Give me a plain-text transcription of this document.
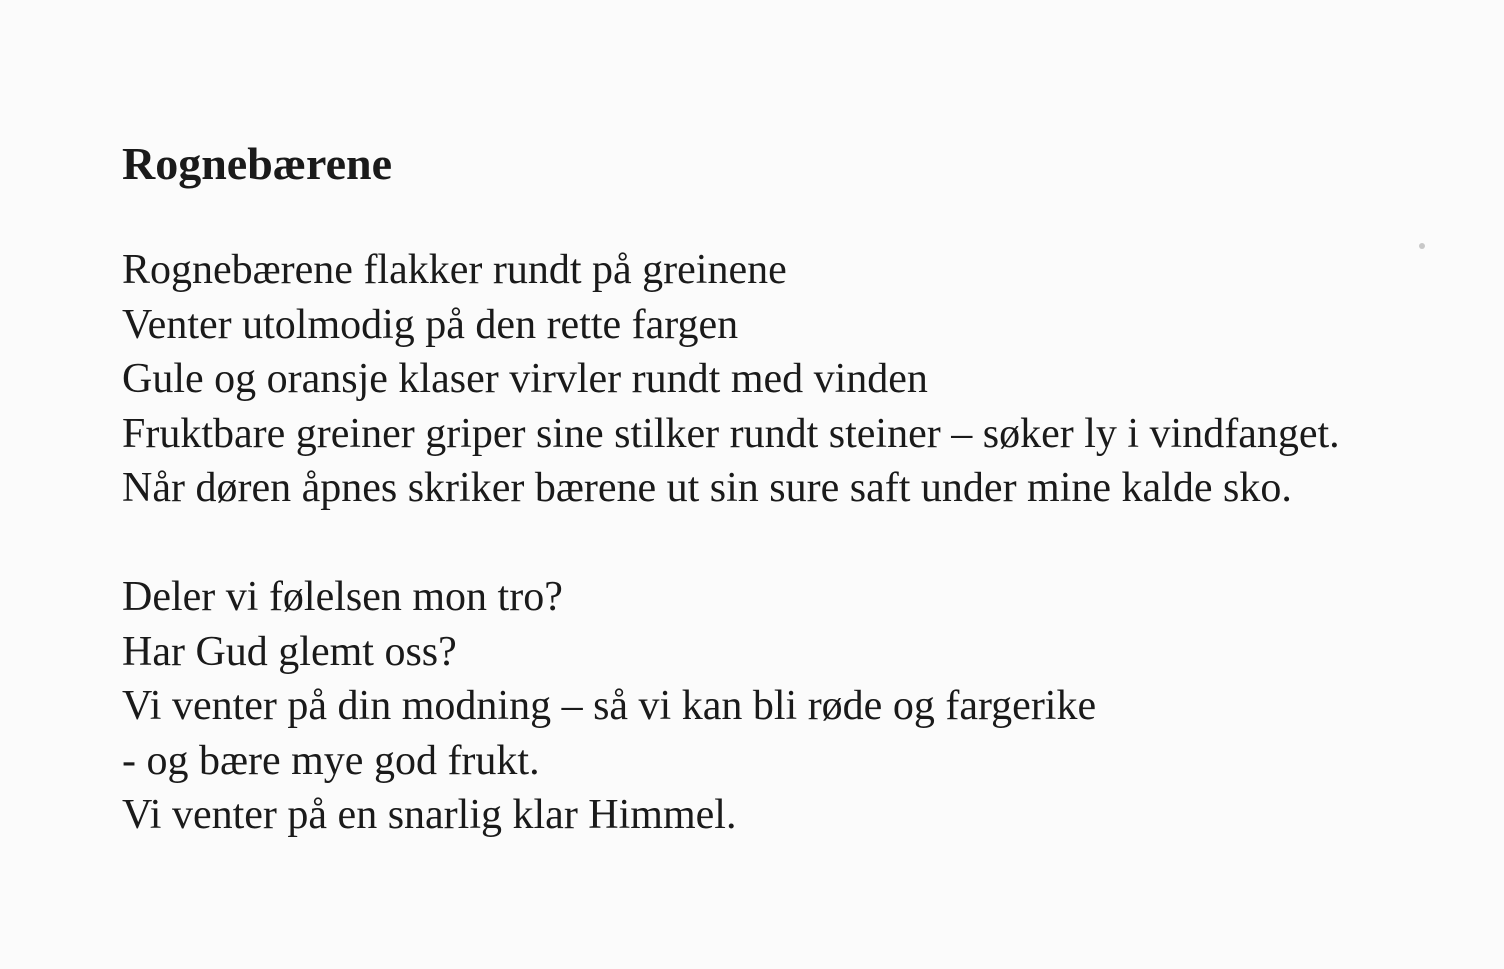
Rognebærene
Rognebærene flakker rundt på greinene
Venter utolmodig på den rette fargen
Gule og oransje klaser virvler rundt med vinden
Fruktbare greiner griper sine stilker rundt steiner – søker ly i vindfanget.
Når døren åpnes skriker bærene ut sin sure saft under mine kalde sko.
Deler vi følelsen mon tro?
Har Gud glemt oss?
Vi venter på din modning – så vi kan bli røde og fargerike
- og bære mye god frukt.
Vi venter på en snarlig klar Himmel.
